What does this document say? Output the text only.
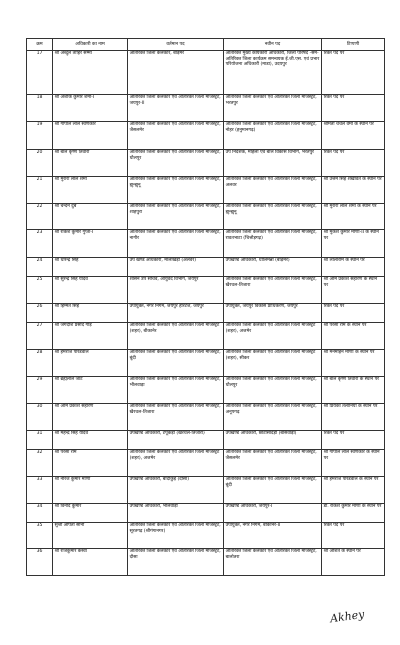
क्रम	अधिकारी का नाम	वर्तमान पद	नवीन पद	टिप्पणी
17	श्री अब्दुल ताहिर सम्मा	अतिरिक्त जिला कलक्टर, बाड़मेर	अतिरिक्त मुख्य कार्यकारी अधिकारी, जिला परिषद -सम-अतिरिक्त जिला कार्यक्रम समन्वयक ई.जी.एस. एवं प्रभार परियोजना अधिकारी (माडा), उदयपुर	रिक्त पद पर
18	श्री अशोक कुमार शर्मा-I	अतिरिक्त जिला कलक्टर एवं अतिरिक्त जिला मजिस्ट्रेट, जयपुर-II	अतिरिक्त जिला कलक्टर एवं अतिरिक्त जिला मजिस्ट्रेट, भरतपुर	रिक्त पद पर
19	श्री गोपाल लाल स्वर्णकार	अतिरिक्त जिला कलक्टर एवं अतिरिक्त जिला मजिस्ट्रेट, जैसलमेर	अतिरिक्त जिला कलक्टर एवं अतिरिक्त जिला मजिस्ट्रेट, नोहर (हनुमानगढ़)	श्रीमती चंचल वर्मा के स्थान पर
20	श्री बाल कृष्ण तिवारी	अतिरिक्त जिला कलक्टर एवं अतिरिक्त जिला मजिस्ट्रेट, धौलपुर	उप निदेशक, महिला एवं बाल विकास विभाग, भरतपुर	रिक्त पद पर
21	श्री मुरारी लाल शर्मा	अतिरिक्त जिला कलक्टर एवं अतिरिक्त जिला मजिस्ट्रेट, झुन्झुनू	अतिरिक्त जिला कलक्टर एवं अतिरिक्त जिला मजिस्ट्रेट, अलवर	श्री उत्तम सिंह शेखावत के स्थान पर
22	श्री चन्दन दुबे	अतिरिक्त जिला कलक्टर एवं अतिरिक्त जिला मजिस्ट्रेट, शाहपुरा	अतिरिक्त जिला कलक्टर एवं अतिरिक्त जिला मजिस्ट्रेट, झुन्झुनू	श्री मुरारी लाल शर्मा के स्थान पर
23	श्री राकेश कुमार गुप्ता-I	अतिरिक्त जिला कलक्टर एवं अतिरिक्त जिला मजिस्ट्रेट, नागौर	अतिरिक्त जिला कलक्टर एवं अतिरिक्त जिला मजिस्ट्रेट, रावतभाटा (चित्तौड़गढ़)	श्री मुकेश कुमार मीणा-II के स्थान पर
24	श्री धीरेन्द्र सिंह	उप खण्ड अधिकारी, मालाखेड़ा (अलवर)	उपखण्ड अधिकारी, धोलिमन्ना (बाड़मेर)	श्री लालाराम के स्थान पर
25	श्री सुरेन्द्र सिंह यादव	शासन उप सचिव, आयुर्वेद विभाग, जयपुर	अतिरिक्त जिला कलक्टर एवं अतिरिक्त जिला मजिस्ट्रेट, खैरथल-तिजारा	श्री ओम प्रकाश सहारण के स्थान पर
26	श्री हिम्मत सिंह	उपायुक्त, नगर निगम, जयपुर हेरिटेज, जयपुर	उपायुक्त, जयपुर विकास प्राधिकरण, जयपुर	रिक्त पद पर
27	श्री जगदीश प्रसाद गौड़	अतिरिक्त जिला कलक्टर एवं अतिरिक्त जिला मजिस्ट्रेट (शहर), बीकानेर	अतिरिक्त जिला कलक्टर एवं अतिरिक्त जिला मजिस्ट्रेट (शहर), अजमेर	श्री परसा राम के स्थान पर
28	श्री हेमराज परिडवाल	अतिरिक्त जिला कलक्टर एवं अतिरिक्त जिला मजिस्ट्रेट, बूंदी	अतिरिक्त जिला कलक्टर एवं अतिरिक्त जिला मजिस्ट्रेट (शहर), सीकर	श्री मनमोहन मीणा के स्थान पर
29	श्री ब्रह्मलाल जाट	अतिरिक्त जिला कलक्टर एवं अतिरिक्त जिला मजिस्ट्रेट, भीलवाड़ा	अतिरिक्त जिला कलक्टर एवं अतिरिक्त जिला मजिस्ट्रेट, धौलपुर	श्री बाल कृष्ण तिवारी के स्थान पर
30	श्री ओम प्रकाश सहारण	अतिरिक्त जिला कलक्टर एवं अतिरिक्त जिला मजिस्ट्रेट, खैरथल-तिजारा	अतिरिक्त जिला कलक्टर एवं अतिरिक्त जिला मजिस्ट्रेट, अनूपगढ़	श्री प्रियंका तलानिया के स्थान पर
31	श्री महेन्द्र सिंह यादव	उपखण्ड अधिकारी, टपूकड़ा (खैरथल-तिजारा)	उपखण्ड अधिकारी, छोटीसादड़ी (बांसवाड़ा)	रिक्त पद पर
32	श्री परसा राम	अतिरिक्त जिला कलक्टर एवं अतिरिक्त जिला मजिस्ट्रेट (शहर), अजमेर	अतिरिक्त जिला कलक्टर एवं अतिरिक्त जिला मजिस्ट्रेट, जैसलमेर	श्री गोपाल लाल स्वर्णकार के स्थान पर
33	श्री नीरज कुमार मीणा	उपखण्ड अधिकारी, बांदीकुई (दौसा)	अतिरिक्त जिला कलक्टर एवं अतिरिक्त जिला मजिस्ट्रेट, बूंदी	श्री हेमराज परिडवाल के स्थान पर
34	श्री विनोद कुमार	उपखण्ड अधिकारी, भीलवाड़ा	उपखण्ड अधिकारी, जयपुर-I	डॉ. राकेश कुमार मीणा के स्थान पर
35	सुश्री अर्पिता सोनी	अतिरिक्त जिला कलक्टर एवं अतिरिक्त जिला मजिस्ट्रेट, सूरतगढ़ (श्रीगंगानगर)	उपायुक्त, नगर निगम, बीकानेर-II	रिक्त पद पर
36	श्री राजकुमार कस्वा	अतिरिक्त जिला कलक्टर एवं अतिरिक्त जिला मजिस्ट्रेट, दौसा	अतिरिक्त जिला कलक्टर एवं अतिरिक्त जिला मजिस्ट्रेट, बालोतरा	श्री अशित के स्थान पर
Akhey
